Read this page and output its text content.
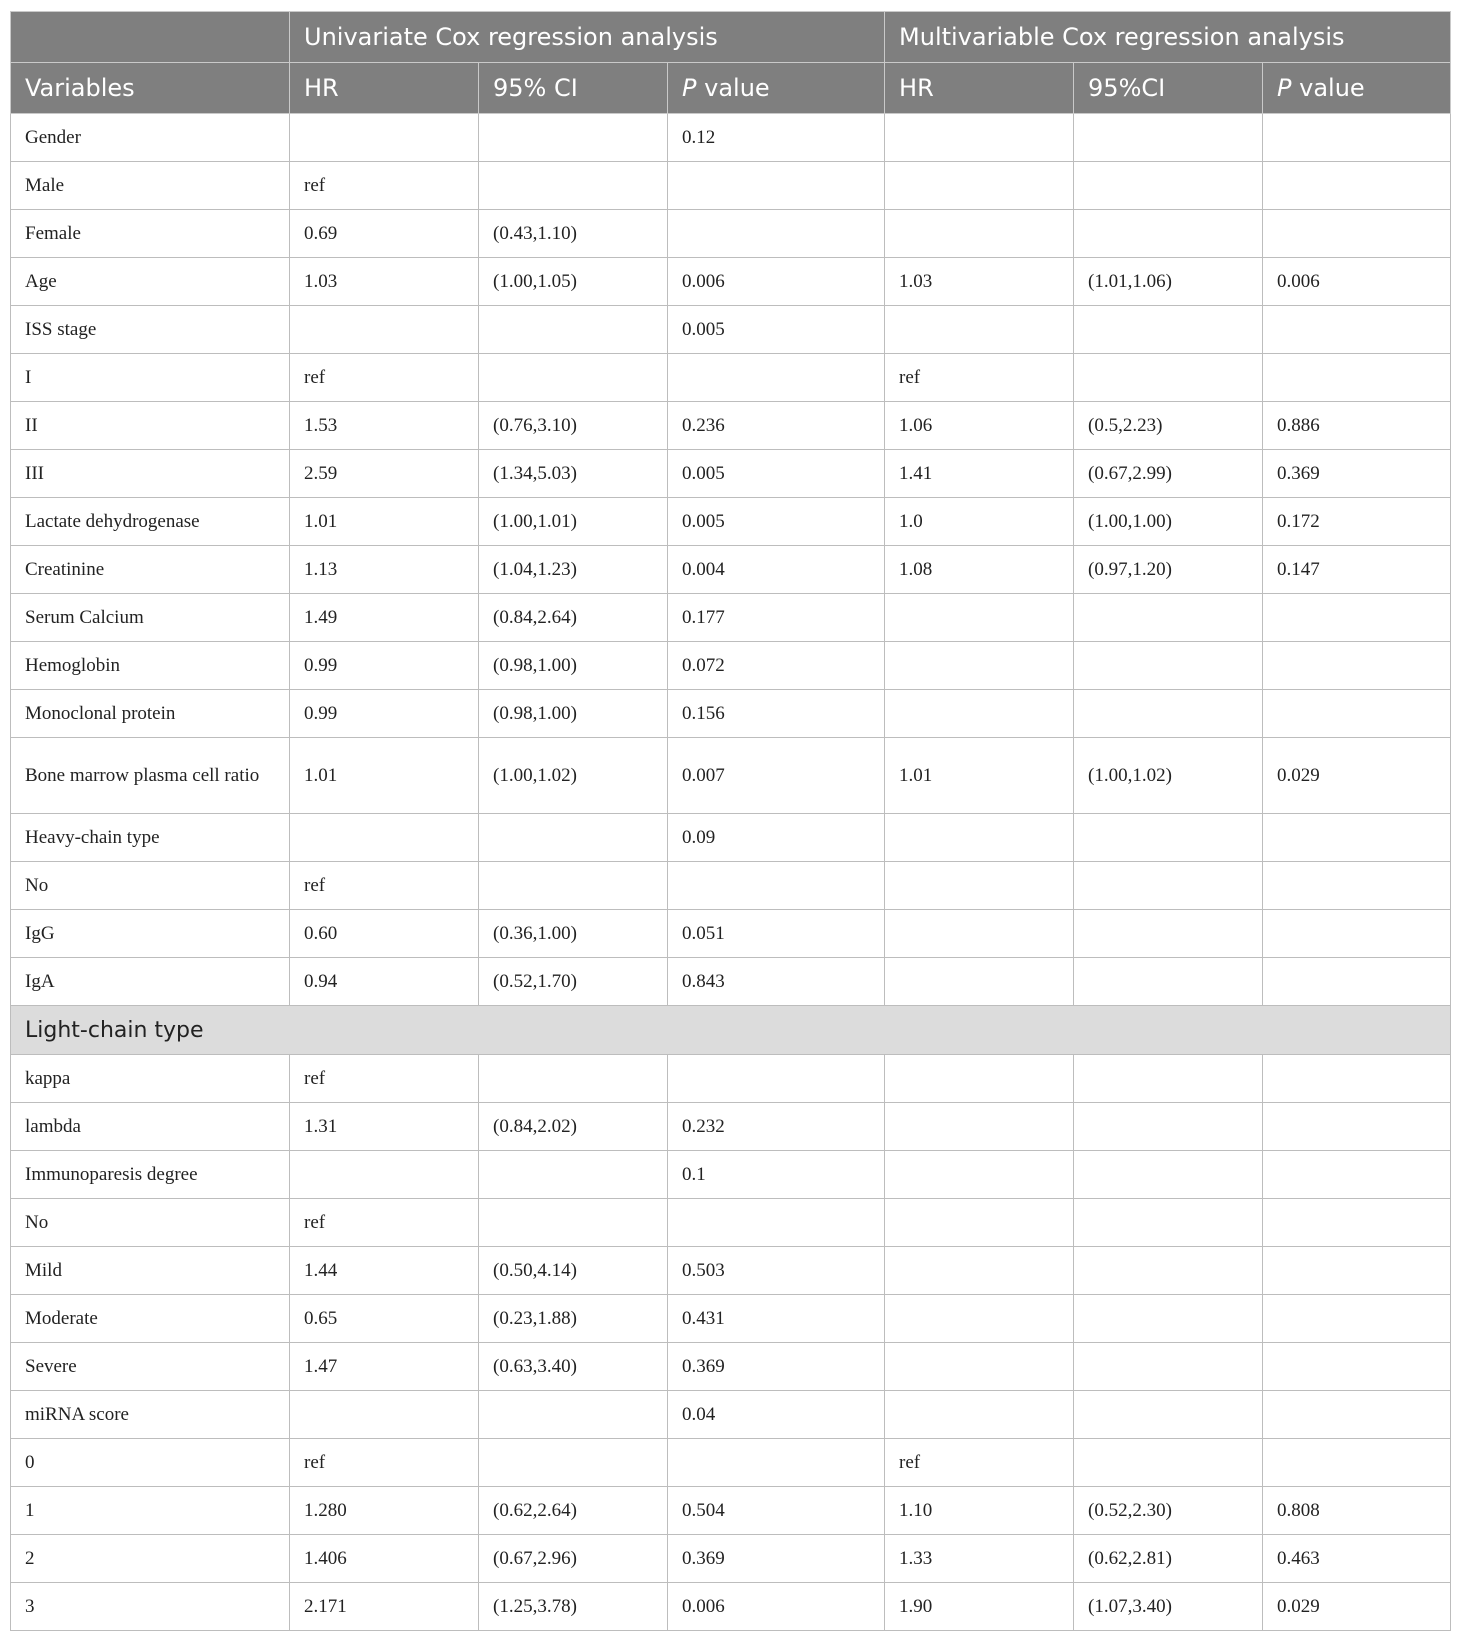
	Univariate Cox regression analysis			Multivariable Cox regression analysis		
Variables	HR	95% CI	P value	HR	95%CI	P value
Gender			0.12			
Male	ref					
Female	0.69	(0.43,1.10)				
Age	1.03	(1.00,1.05)	0.006	1.03	(1.01,1.06)	0.006
ISS stage			0.005			
I	ref			ref		
II	1.53	(0.76,3.10)	0.236	1.06	(0.5,2.23)	0.886
III	2.59	(1.34,5.03)	0.005	1.41	(0.67,2.99)	0.369
Lactate dehydrogenase	1.01	(1.00,1.01)	0.005	1.0	(1.00,1.00)	0.172
Creatinine	1.13	(1.04,1.23)	0.004	1.08	(0.97,1.20)	0.147
Serum Calcium	1.49	(0.84,2.64)	0.177			
Hemoglobin	0.99	(0.98,1.00)	0.072			
Monoclonal protein	0.99	(0.98,1.00)	0.156			
Bone marrow plasma cell ratio	1.01	(1.00,1.02)	0.007	1.01	(1.00,1.02)	0.029
Heavy-chain type			0.09			
No	ref					
IgG	0.60	(0.36,1.00)	0.051			
IgA	0.94	(0.52,1.70)	0.843			
Light-chain type						
kappa	ref					
lambda	1.31	(0.84,2.02)	0.232			
Immunoparesis degree			0.1			
No	ref					
Mild	1.44	(0.50,4.14)	0.503			
Moderate	0.65	(0.23,1.88)	0.431			
Severe	1.47	(0.63,3.40)	0.369			
miRNA score			0.04			
0	ref			ref		
1	1.280	(0.62,2.64)	0.504	1.10	(0.52,2.30)	0.808
2	1.406	(0.67,2.96)	0.369	1.33	(0.62,2.81)	0.463
3	2.171	(1.25,3.78)	0.006	1.90	(1.07,3.40)	0.029
